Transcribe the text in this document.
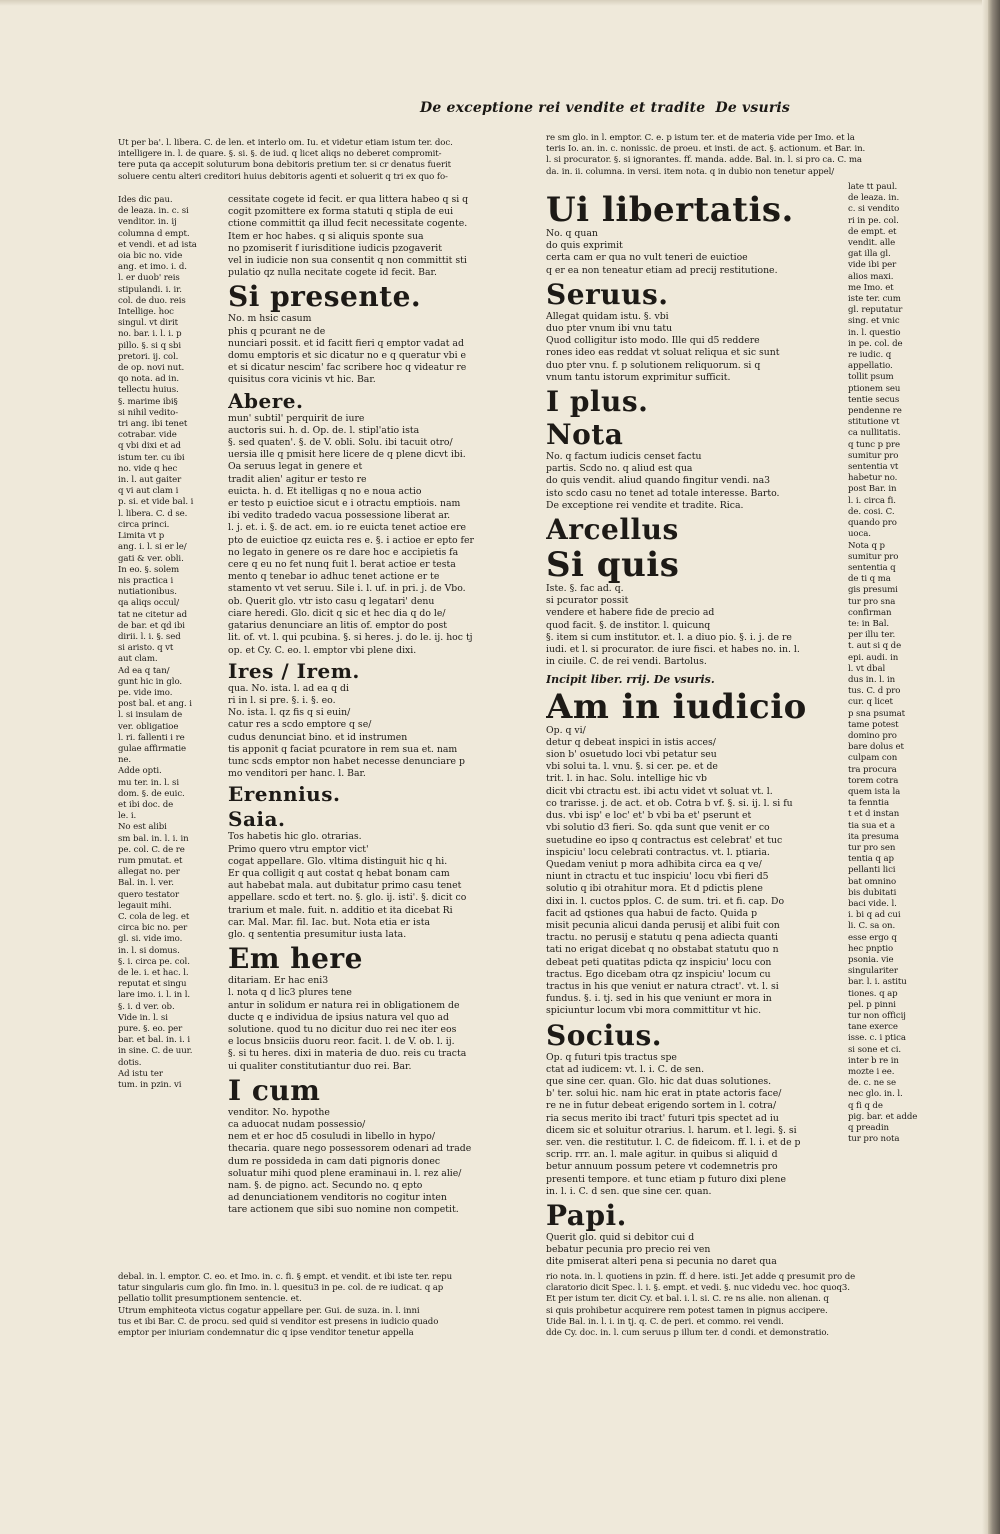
De exceptione rei vendite et tradite De vsuris
Ut per ba'. l. libera. C. de len. et interlo om. Iu. et videtur etiam istum ter. doc.
intelligere in. l. de quare. §. si. §. de iud. q licet aliqs no deberet compromit-
tere puta qa accepit soluturum bona debitoris pretium ter. si cr denatus fuerit
soluere centu alteri creditori huius debitoris agenti et soluerit q tri ex quo fo-
re sm glo. in l. emptor. C. e. p istum ter. et de materia vide per Imo. et la
teris Io. an. in. c. nonissic. de proeu. et insti. de act. §. actionum. et Bar. in.
l. si procurator. §. si ignorantes. ff. manda. adde. Bal. in. l. si pro ca. C. ma
da. in. ii. columna. in versi. item nota. q in dubio non tenetur appel/
Ides dic pau.
de leaza. in. c. si
venditor. in. ij
columna d empt.
et vendi. et ad ista
oia bic no. vide
ang. et imo. i. d.
l. er duob' reis
stipulandi. i. ir.
col. de duo. reis
Intellige. hoc
singul. vt dirit
no. bar. i. l. i. p
pillo. §. si q sbi
pretori. ij. col.
de op. novi nut.
qo nota. ad in.
tellectu huius.
§. marime ibi§
si nihil vedito-
tri ang. ibi tenet
cotrabar. vide
q vbi dixi et ad
istum ter. cu ibi
no. vide q hec
in. l. aut gaiter
q vi aut clam i
p. si. et vide bal. i
l. libera. C. d se.
circa princi.
Limita vt p
ang. i. l. si er le/
gati & ver. obli.
In eo. §. solem
nis practica i
nutiationibus.
qa aliqs occul/
tat ne citetur ad
de bar. et qd ibi
dirii. l. i. §. sed
si aristo. q vt
aut clam.
Ad ea q tan/
gunt hic in glo.
pe. vide imo.
post bal. et ang. i
l. si insulam de
ver. obligatioe
l. ri. fallenti i re
gulae affirmatie
ne.
Adde opti.
mu ter. in. l. si
dom. §. de euic.
et ibi doc. de
le. i.
No est alibi
sm bal. in. l. i. in
pe. col. C. de re
rum pmutat. et
allegat no. per
Bal. in. l. ver.
quero testator
legauit mihi.
C. cola de leg. et
circa bic no. per
gl. si. vide imo.
in. l. si domus.
§. i. circa pe. col.
de le. i. et hac. l.
reputat et singu
lare imo. i. l. in l.
§. i. d ver. ob.
Vide in. l. si
pure. §. eo. per
bar. et bal. in. i. i
in sine. C. de uur.
dotis.
Ad istu ter
tum. in pzin. vi
late tt paul.
de leaza. in.
c. si vendito
ri in pe. col.
de empt. et
vendit. alle
gat illa gl.
vide ibi per
alios maxi.
me Imo. et
iste ter. cum
gl. reputatur
sing. et vnic
in. l. questio
in pe. col. de
re iudic. q
appellatio.
tollit psum
ptionem seu
tentie secus
pendenne re
stitutione vt
ca nullitatis.
q tunc p pre
sumitur pro
sententia vt
habetur no.
post Bar. in
l. i. circa fi.
de. cosi. C.
quando pro
uoca.
Nota q p
sumitur pro
sententia q
de ti q ma
gis presumi
tur pro sna
confirman
te: in Bal.
per illu ter.
t. aut si q de
epi. audi. in
l. vt dbal
dus in. l. in
tus. C. d pro
cur. q licet
p sna psumat
tame potest
domino pro
bare dolus et
culpam con
tra procura
torem cotra
quem ista la
ta fenntia
t et d instan
tia sua et a
ita presuma
tur pro sen
tentia q ap
pellanti lici
bat omnino
bis dubitati
baci vide. l.
i. bi q ad cui
li. C. sa on.
esse ergo q
hec pnptio
psonia. vie
singulariter
bar. l. i. astitu
tiones. q ap
pel. p pinni
tur non officij
tane exerce
isse. c. i ptica
si sone et ci.
inter b re in
mozte i ee.
de. c. ne se
nec glo. in. l.
q fi q de
pig. bar. et adde
q preadin
tur pro nota
cessitate cogete id fecit. er qua littera habeo q si q
cogit pzomittere ex forma statuti q stipla de eui
ctione committit qa illud fecit necessitate cogente.
Item er hoc habes. q si aliquis sponte sua
no pzomiserit f iurisditione iudicis pzogaverit
vel in iudicie non sua consentit q non committit sti
pulatio qz nulla necitate cogete id fecit. Bar.
Si presente.
No. m hsic casum
phis q pcurant ne de
nunciari possit. et id facitt fieri q emptor vadat ad
domu emptoris et sic dicatur no e q queratur vbi e
et si dicatur nescim' fac scribere hoc q videatur re
quisitus cora vicinis vt hic. Bar.
Abere.
mun' subtil' perquirit de iure
auctoris sui. h. d. Op. de. l. stipl'atio ista
§. sed quaten'. §. de V. obli. Solu. ibi tacuit otro/
uersia ille q pmisit here licere de q plene dicvt ibi.
Oa seruus legat in genere et
tradit alien' agitur er testo re
euicta. h. d. Et itelligas q no e noua actio
er testo p euictioe sicut e i otractu emptiois. nam
ibi vedito tradedo vacua possessione liberat ar.
l. j. et. i. §. de act. em. io re euicta tenet actioe ere
pto de euictioe qz euicta res e. §. i actioe er epto fer
no legato in genere os re dare hoc e accipietis fa
cere q eu no fet nunq fuit l. berat actioe er testa
mento q tenebar io adhuc tenet actione er te
stamento vt vet seruu. Sile i. l. uf. in pri. j. de Vbo.
ob. Querit glo. vtr isto casu q legatari' denu
ciare heredi. Glo. dicit q sic et hec dia q do le/
gatarius denunciare an litis of. emptor do post
lit. of. vt. l. qui pcubina. §. si heres. j. do le. ij. hoc tj
op. et Cy. C. eo. l. emptor vbi plene dixi.
Ires / Irem.
qua. No. ista. l. ad ea q di
ri in l. si pre. §. i. §. eo.
No. ista. l. qz fis q si euin/
catur res a scdo emptore q se/
cudus denunciat bino. et id instrumen
tis apponit q faciat pcuratore in rem sua et. nam
tunc scds emptor non habet necesse denunciare p
mo venditori per hanc. l. Bar.
Erennius.
Saia.
Tos habetis hic glo. otrarias.
Primo quero vtru emptor vict'
cogat appellare. Glo. vltima distinguit hic q hi.
Er qua colligit q aut costat q hebat bonam cam
aut habebat mala. aut dubitatur primo casu tenet
appellare. scdo et tert. no. §. glo. ij. isti'. §. dicit co
trarium et male. fuit. n. additio et ita dicebat Ri
car. Mal. Mar. fil. Iac. but. Nota etia er ista
glo. q sententia presumitur iusta lata.
Em here
ditariam. Er hac eni3
l. nota q d lic3 plures tene
antur in solidum er natura rei in obligationem de
ducte q e individua de ipsius natura vel quo ad
solutione. quod tu no dicitur duo rei nec iter eos
e locus bnsiciis duoru reor. facit. l. de V. ob. l. ij.
§. si tu heres. dixi in materia de duo. reis cu tracta
ui qualiter constitutiantur duo rei. Bar.
I cum
venditor. No. hypothe
ca aduocat nudam possessio/
nem et er hoc d5 cosuludi in libello in hypo/
thecaria. quare nego possessorem odenari ad trade
dum re possideda in cam dati pignoris donec
soluatur mihi quod plene eraminaui in. l. rez alie/
nam. §. de pigno. act. Secundo no. q epto
ad denunciationem venditoris no cogitur inten
tare actionem que sibi suo nomine non competit.
Ui libertatis.
No. q quan
do quis exprimit
certa cam er qua no vult teneri de euictioe
q er ea non teneatur etiam ad precij restitutione.
Seruus.
Allegat quidam istu. §. vbi
duo pter vnum ibi vnu tatu
Quod colligitur isto modo. Ille qui d5 reddere
rones ideo eas reddat vt soluat reliqua et sic sunt
duo pter vnu. f. p solutionem reliquorum. si q
vnum tantu istorum exprimitur sufficit.
I plus.
Nota
No. q factum iudicis censet factu
partis. Scdo no. q aliud est qua
do quis vendit. aliud quando fingitur vendi. na3
isto scdo casu no tenet ad totale interesse. Barto.
De exceptione rei vendite et tradite. Rica.
Arcellus
Si quis
Iste. §. fac ad. q.
si pcurator possit
vendere et habere fide de precio ad
quod facit. §. de institor. l. quicunq
§. item si cum institutor. et. l. a diuo pio. §. i. j. de re
iudi. et l. si procurator. de iure fisci. et habes no. in. l.
in ciuile. C. de rei vendi. Bartolus.
Incipit liber. rrij. De vsuris.
Am in iudicio
Op. q vi/
detur q debeat inspici in istis acces/
sion b' osuetudo loci vbi petatur seu
vbi solui ta. l. vnu. §. si cer. pe. et de
trit. l. in hac. Solu. intellige hic vb
dicit vbi ctractu est. ibi actu videt vt soluat vt. l.
co trarisse. j. de act. et ob. Cotra b vf. §. si. ij. l. si fu
dus. vbi isp' e loc' et' b vbi ba et' pserunt et
vbi solutio d3 fieri. So. qda sunt que venit er co
suetudine eo ipso q contractus est celebrat' et tuc
inspiciu' locu celebrati contractus. vt. l. ptiaria.
Quedam veniut p mora adhibita circa ea q ve/
niunt in ctractu et tuc inspiciu' locu vbi fieri d5
solutio q ibi otrahitur mora. Et d pdictis plene
dixi in. l. cuctos pplos. C. de sum. tri. et fi. cap. Do
facit ad qstiones qua habui de facto. Quida p
misit pecunia alicui danda perusij et alibi fuit con
tractu. no perusij e statutu q pena adiecta quanti
tati no erigat dicebat q no obstabat statutu quo n
debeat peti quatitas pdicta qz inspiciu' locu con
tractus. Ego dicebam otra qz inspiciu' locum cu
tractus in his que veniut er natura ctract'. vt. l. si
fundus. §. i. tj. sed in his que veniunt er mora in
spiciuntur locum vbi mora committitur vt hic.
Socius.
Op. q futuri tpis tractus spe
ctat ad iudicem: vt. l. i. C. de sen.
que sine cer. quan. Glo. hic dat duas solutiones.
b' ter. solui hic. nam hic erat in ptate actoris face/
re ne in futur debeat erigendo sortem in l. cotra/
ria secus merito ibi tract' futuri tpis spectet ad iu
dicem sic et soluitur otrarius. l. harum. et l. legi. §. si
ser. ven. die restitutur. l. C. de fideicom. ff. l. i. et de p
scrip. rrr. an. l. male agitur. in quibus si aliquid d
betur annuum possum petere vt codemnetris pro
presenti tempore. et tunc etiam p futuro dixi plene
in. l. i. C. d sen. que sine cer. quan.
Papi.
Querit glo. quid si debitor cui d
bebatur pecunia pro precio rei ven
dite pmiserat alteri pena si pecunia no daret qua

debal. in. l. emptor. C. eo. et Imo. in. c. fi. § empt. et vendit. et ibi iste ter. repu
tatur singularis cum glo. fin Imo. in. l. quesitu3 in pe. col. de re iudicat. q ap
pellatio tollit presumptionem sentencie. et.
Utrum emphiteota victus cogatur appellare per. Gui. de suza. in. l. inni
tus et ibi Bar. C. de procu. sed quid si venditor est presens in iudicio quado
emptor per iniuriam condemnatur dic q ipse venditor tenetur appella
rio nota. in. l. quotiens in pzin. ff. d here. isti. Jet adde q presumit pro de
claratorio dicit Spec. l. i. §. empt. et vedi. §. nuc videdu vec. hoc quoq3.
Et per istum ter. dicit Cy. et bal. i. l. si. C. re ns alie. non alienan. q
si quis prohibetur acquirere rem potest tamen in pignus accipere.
Uide Bal. in. l. i. in tj. q. C. de peri. et commo. rei vendi.
dde Cy. doc. in. l. cum seruus p illum ter. d condi. et demonstratio.
